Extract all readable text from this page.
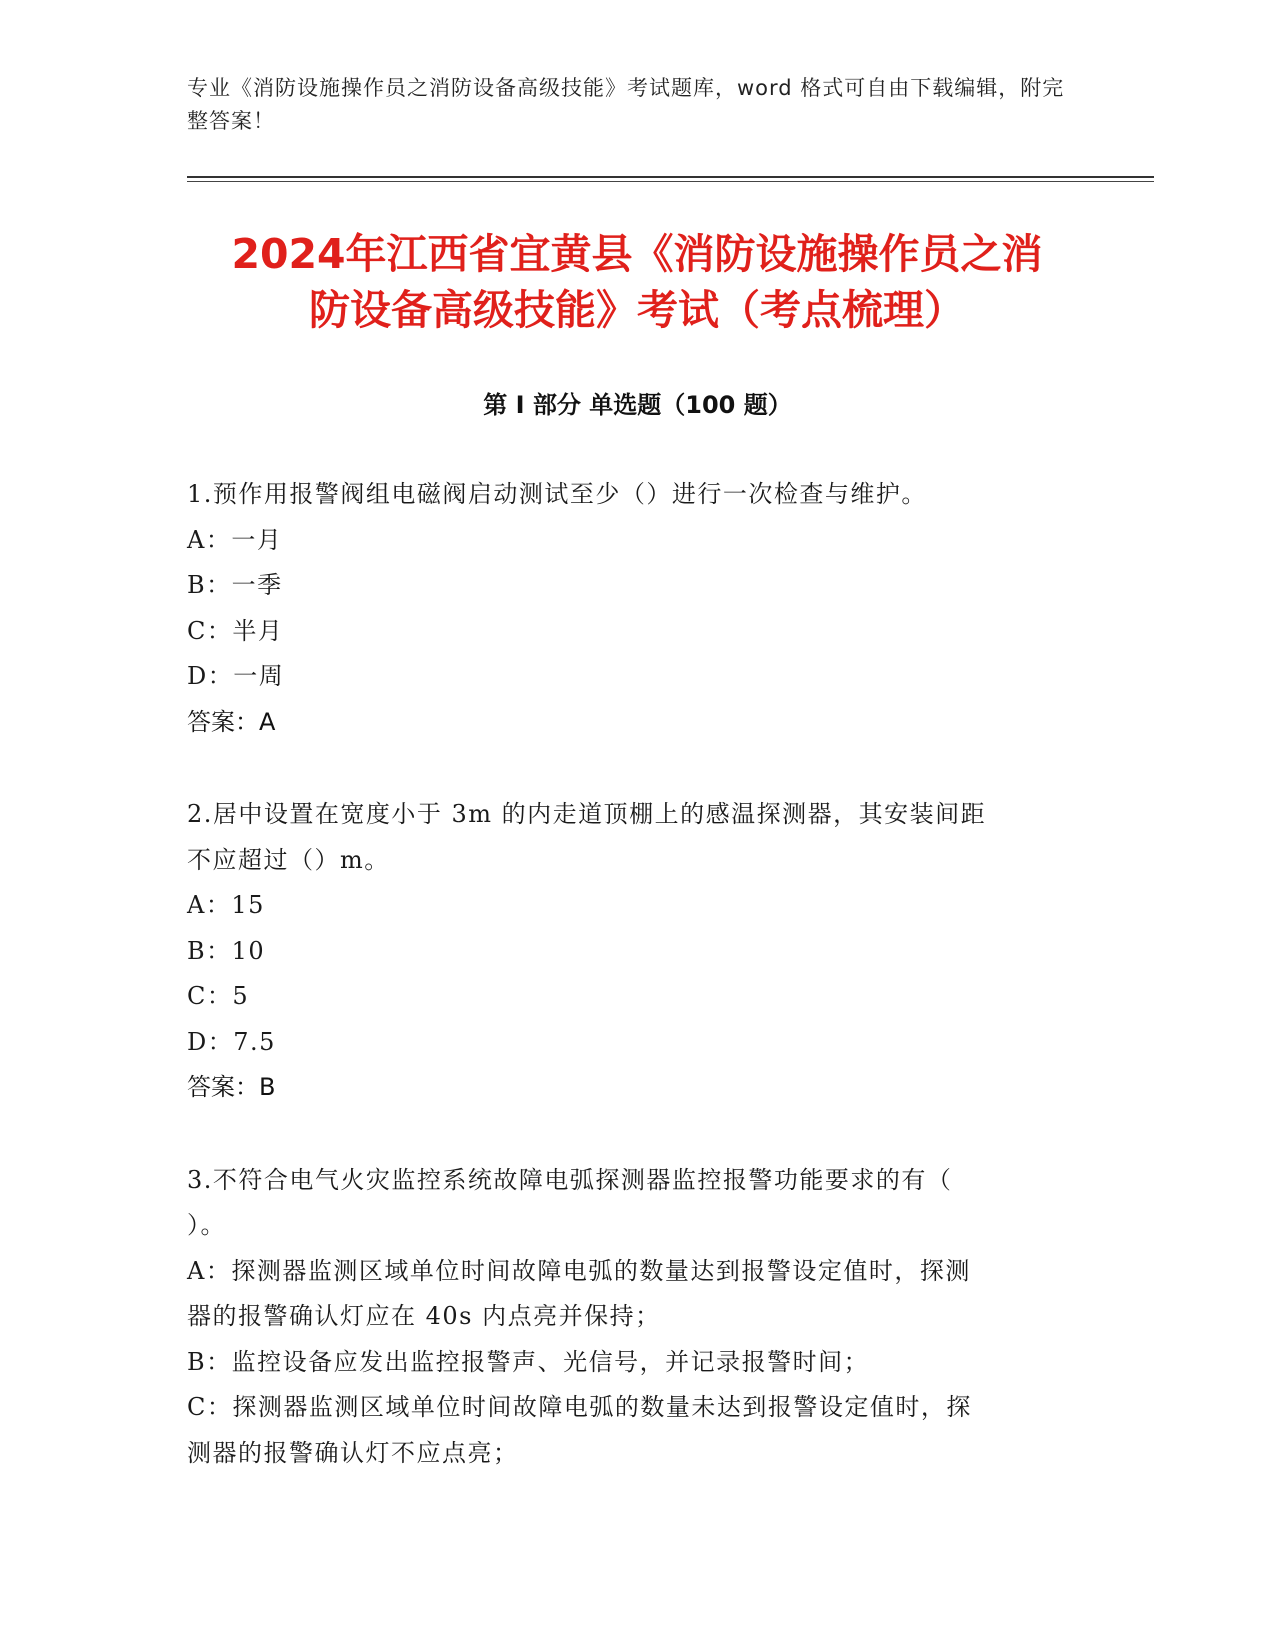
专业《消防设施操作员之消防设备高级技能》考试题库，word 格式可自由下载编辑，附完整答案！
2024年江西省宜黄县《消防设施操作员之消
防设备高级技能》考试（考点梳理）
第 I 部分 单选题（100 题）
1.预作用报警阀组电磁阀启动测试至少（）进行一次检查与维护。
A：一月
B：一季
C：半月
D：一周
答案：A
2.居中设置在宽度小于 3m 的内走道顶棚上的感温探测器，其安装间距
不应超过（）m。
A：15
B：10
C：5
D：7.5
答案：B
3.不符合电气火灾监控系统故障电弧探测器监控报警功能要求的有（
）。
A：探测器监测区域单位时间故障电弧的数量达到报警设定值时，探测
器的报警确认灯应在 40s 内点亮并保持；
B：监控设备应发出监控报警声、光信号，并记录报警时间；
C：探测器监测区域单位时间故障电弧的数量未达到报警设定值时，探
测器的报警确认灯不应点亮；
